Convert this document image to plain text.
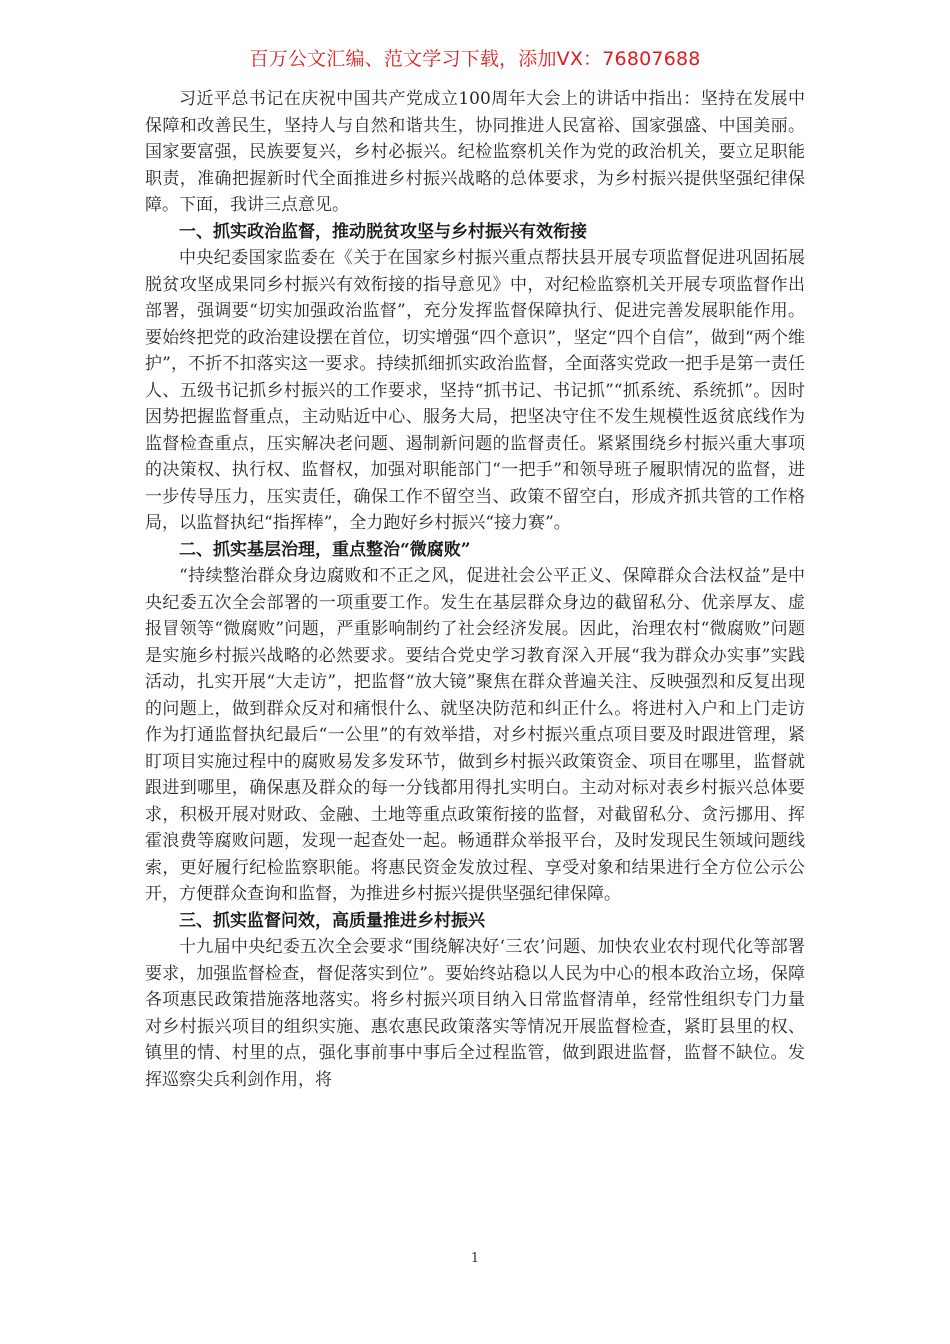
百万公文汇编、范文学习下载，添加VX：76807688

习近平总书记在庆祝中国共产党成立100周年大会上的讲话中指出：坚持在发展中保障和改善民生，坚持人与自然和谐共生，协同推进人民富裕、国家强盛、中国美丽。国家要富强，民族要复兴，乡村必振兴。纪检监察机关作为党的政治机关，要立足职能职责，准确把握新时代全面推进乡村振兴战略的总体要求，为乡村振兴提供坚强纪律保障。下面，我讲三点意见。

一、抓实政治监督，推动脱贫攻坚与乡村振兴有效衔接

中央纪委国家监委在《关于在国家乡村振兴重点帮扶县开展专项监督促进巩固拓展脱贫攻坚成果同乡村振兴有效衔接的指导意见》中，对纪检监察机关开展专项监督作出部署，强调要“切实加强政治监督”，充分发挥监督保障执行、促进完善发展职能作用。要始终把党的政治建设摆在首位，切实增强“四个意识”，坚定“四个自信”，做到“两个维护”，不折不扣落实这一要求。持续抓细抓实政治监督，全面落实党政一把手是第一责任人、五级书记抓乡村振兴的工作要求，坚持“抓书记、书记抓”“抓系统、系统抓”。因时因势把握监督重点，主动贴近中心、服务大局，把坚决守住不发生规模性返贫底线作为监督检查重点，压实解决老问题、遏制新问题的监督责任。紧紧围绕乡村振兴重大事项的决策权、执行权、监督权，加强对职能部门“一把手”和领导班子履职情况的监督，进一步传导压力，压实责任，确保工作不留空当、政策不留空白，形成齐抓共管的工作格局，以监督执纪“指挥棒”，全力跑好乡村振兴“接力赛”。

二、抓实基层治理，重点整治“微腐败”

“持续整治群众身边腐败和不正之风，促进社会公平正义、保障群众合法权益”是中央纪委五次全会部署的一项重要工作。发生在基层群众身边的截留私分、优亲厚友、虚报冒领等“微腐败”问题，严重影响制约了社会经济发展。因此，治理农村“微腐败”问题是实施乡村振兴战略的必然要求。要结合党史学习教育深入开展“我为群众办实事”实践活动，扎实开展“大走访”，把监督“放大镜”聚焦在群众普遍关注、反映强烈和反复出现的问题上，做到群众反对和痛恨什么、就坚决防范和纠正什么。将进村入户和上门走访作为打通监督执纪最后“一公里”的有效举措，对乡村振兴重点项目要及时跟进管理，紧盯项目实施过程中的腐败易发多发环节，做到乡村振兴政策资金、项目在哪里，监督就跟进到哪里，确保惠及群众的每一分钱都用得扎实明白。主动对标对表乡村振兴总体要求，积极开展对财政、金融、土地等重点政策衔接的监督，对截留私分、贪污挪用、挥霍浪费等腐败问题，发现一起查处一起。畅通群众举报平台，及时发现民生领域问题线索，更好履行纪检监察职能。将惠民资金发放过程、享受对象和结果进行全方位公示公开，方便群众查询和监督，为推进乡村振兴提供坚强纪律保障。

三、抓实监督问效，高质量推进乡村振兴

十九届中央纪委五次全会要求“围绕解决好‘三农’问题、加快农业农村现代化等部署要求，加强监督检查，督促落实到位”。要始终站稳以人民为中心的根本政治立场，保障各项惠民政策措施落地落实。将乡村振兴项目纳入日常监督清单，经常性组织专门力量对乡村振兴项目的组织实施、惠农惠民政策落实等情况开展监督检查，紧盯县里的权、镇里的情、村里的点，强化事前事中事后全过程监管，做到跟进监督，监督不缺位。发挥巡察尖兵利剑作用，将

1
